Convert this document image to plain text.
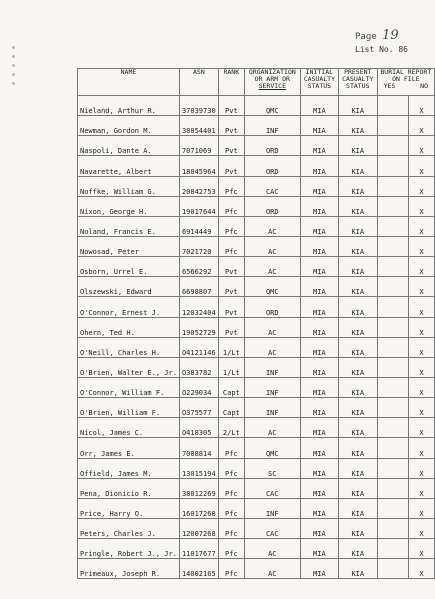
Page 19
List No. 86
NAME	ASN	RANK	ORGANIZATION
OR ARM OR
SERVICE	INITIAL
CASUALTY
STATUS	PRESENT
CASUALTY
STATUS	BURIAL REPORT
ON FILE
YES NO	

Nieland, Arthur R.	37039730	Pvt	QMC	MIA	KIA		X
Newman, Gordon M.	38054401	Pvt	INF	MIA	KIA		X
Naspoli, Dante A.	7071069	Pvt	ORD	MIA	KIA		X
Navarette, Albert	18045964	Pvt	ORD	MIA	KIA		X
Noffke, William G.	20842753	Pfc	CAC	MIA	KIA		X
Nixon, George H.	19017644	Pfc	ORD	MIA	KIA		X
Noland, Francis E.	6914449	Pfc	AC	MIA	KIA		X
Nowosad, Peter	7021720	Pfc	AC	MIA	KIA		X
Osborn, Urrel E.	6566292	Pvt	AC	MIA	KIA		X
Olszewski, Edward	6698807	Pvt	QMC	MIA	KIA		X
O'Connor, Ernest J.	12032404	Pvt	ORD	MIA	KIA		X
Ohern, Ted H.	19052729	Pvt	AC	MIA	KIA		X
O'Neill, Charles H.	O4121146	1/Lt	AC	MIA	KIA		X
O'Brien, Walter E., Jr.	O383782	1/Lt	INF	MIA	KIA		X
O'Connor, William F.	O229034	Capt	INF	MIA	KIA		X
O'Brien, William F.	O375577	Capt	INF	MIA	KIA		X
Nicol, James C.	O418305	2/Lt	AC	MIA	KIA		X
Orr, James E.	7008814	Pfc	QMC	MIA	KIA		X
Offield, James M.	13015194	Pfc	SC	MIA	KIA		X
Pena, Dionicio R.	38012269	Pfc	CAC	MIA	KIA		X
Price, Harry O.	16017268	Pfc	INF	MIA	KIA		X
Peters, Charles J.	12007268	Pfc	CAC	MIA	KIA		X
Pringle, Robert J., Jr.	11017677	Pfc	AC	MIA	KIA		X
Primeaux, Joseph R.	14002165	Pfc	AC	MIA	KIA		X
